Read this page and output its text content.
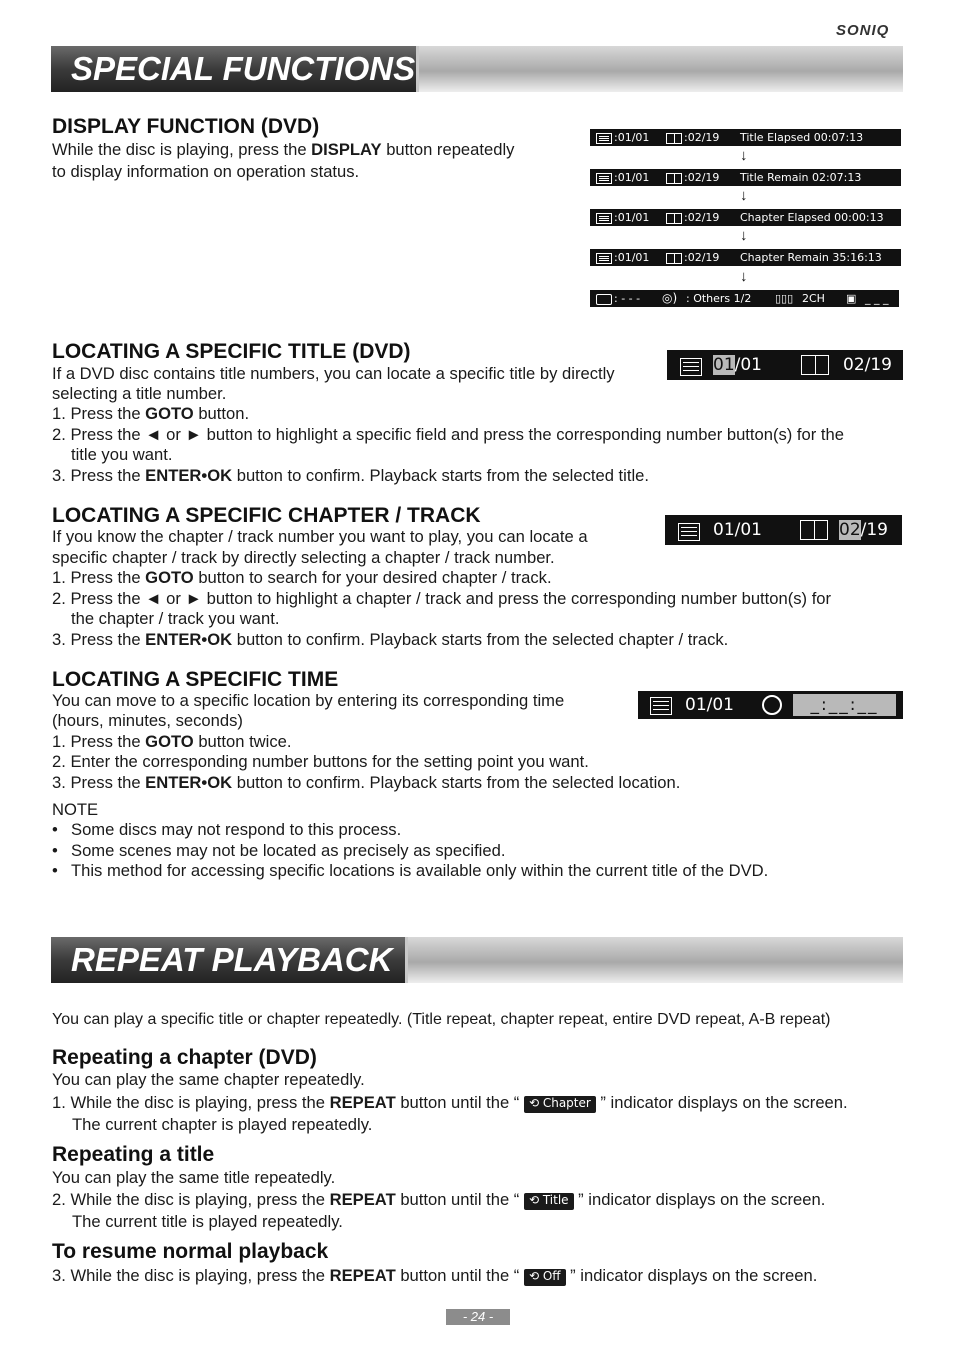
SONIQ
SPECIAL FUNCTIONS
DISPLAY FUNCTION (DVD)
While the disc is playing, press the DISPLAY button repeatedly
to display information on operation status.
:01/01	:02/19 Title Elapsed 00:07:13
↓
:01/01	:02/19 Title Remain 02:07:13
↓
:01/01	:02/19 Chapter Elapsed 00:00:13
↓
:01/01	:02/19 Chapter Remain 35:16:13
↓
: - - - ◎) : Others 1/2 ▯▯▯ 2CH ▣ _ _ _
LOCATING A SPECIFIC TITLE (DVD)
01/01	02/19
If a DVD disc contains title numbers, you can locate a specific title by directly
selecting a title number.
1. Press the GOTO button.
2. Press the ◄ or ► button to highlight a specific field and press the corresponding number button(s) for the
title you want.
3. Press the ENTER•OK button to confirm. Playback starts from the selected title.
LOCATING A SPECIFIC CHAPTER / TRACK
01/01	02/19
If you know the chapter / track number you want to play, you can locate a
specific chapter / track by directly selecting a chapter / track number.
1. Press the GOTO button to search for your desired chapter / track.
2. Press the ◄ or ► button to highlight a chapter / track and press the corresponding number button(s) for
the chapter / track you want.
3. Press the ENTER•OK button to confirm. Playback starts from the selected chapter / track.
LOCATING A SPECIFIC TIME
01/01	_:__:__
You can move to a specific location by entering its corresponding time
(hours, minutes, seconds)
1. Press the GOTO button twice.
2. Enter the corresponding number buttons for the setting point you want.
3. Press the ENTER•OK button to confirm. Playback starts from the selected location.
NOTE
• Some discs may not respond to this process.
• Some scenes may not be located as precisely as specified.
• This method for accessing specific locations is available only within the current title of the DVD.
REPEAT PLAYBACK
You can play a specific title or chapter repeatedly. (Title repeat, chapter repeat, entire DVD repeat, A-B repeat)
Repeating a chapter (DVD)
You can play the same chapter repeatedly.
1. While the disc is playing, press the REPEAT button until the “ ⟲ Chapter ” indicator displays on the screen.
The current chapter is played repeatedly.
Repeating a title
You can play the same title repeatedly.
2. While the disc is playing, press the REPEAT button until the “ ⟲ Title ” indicator displays on the screen.
The current title is played repeatedly.
To resume normal playback
3. While the disc is playing, press the REPEAT button until the “ ⟲ Off ” indicator displays on the screen.
- 24 -
